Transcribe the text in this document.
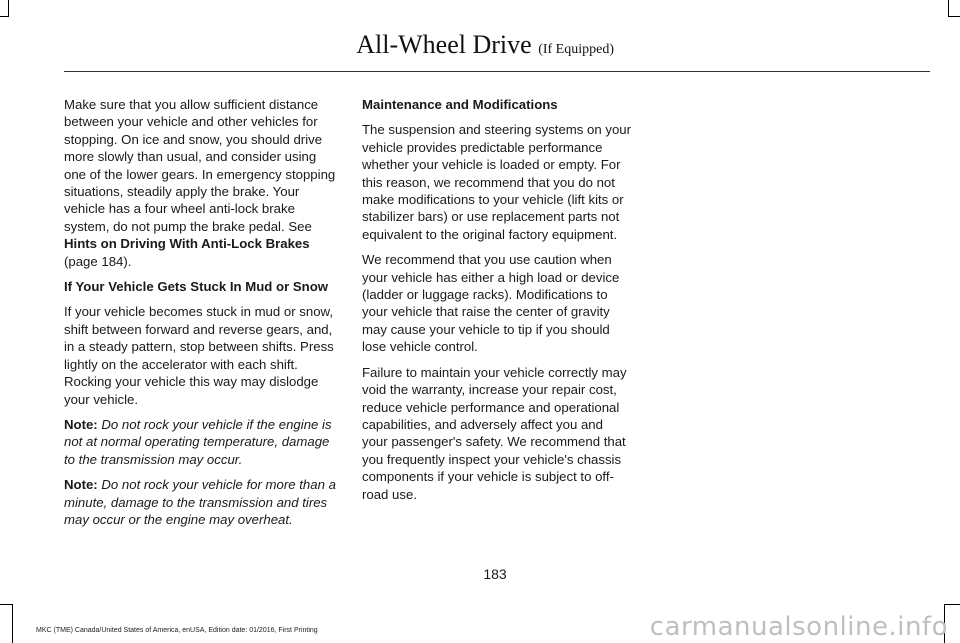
All-Wheel Drive (If Equipped)

Make sure that you allow sufficient distance between your vehicle and other vehicles for stopping. On ice and snow, you should drive more slowly than usual, and consider using one of the lower gears. In emergency stopping situations, steadily apply the brake. Your vehicle has a four wheel anti-lock brake system, do not pump the brake pedal. See Hints on Driving With Anti-Lock Brakes (page 184).

If Your Vehicle Gets Stuck In Mud or Snow

If your vehicle becomes stuck in mud or snow, shift between forward and reverse gears, and, in a steady pattern, stop between shifts. Press lightly on the accelerator with each shift. Rocking your vehicle this way may dislodge your vehicle.

Note: Do not rock your vehicle if the engine is not at normal operating temperature, damage to the transmission may occur.

Note: Do not rock your vehicle for more than a minute, damage to the transmission and tires may occur or the engine may overheat.

Maintenance and Modifications

The suspension and steering systems on your vehicle provides predictable performance whether your vehicle is loaded or empty. For this reason, we recommend that you do not make modifications to your vehicle (lift kits or stabilizer bars) or use replacement parts not equivalent to the original factory equipment.

We recommend that you use caution when your vehicle has either a high load or device (ladder or luggage racks). Modifications to your vehicle that raise the center of gravity may cause your vehicle to tip if you should lose vehicle control.

Failure to maintain your vehicle correctly may void the warranty, increase your repair cost, reduce vehicle performance and operational capabilities, and adversely affect you and your passenger's safety. We recommend that you frequently inspect your vehicle's chassis components if your vehicle is subject to off-road use.

183
MKC (TME) Canada/United States of America, enUSA, Edition date: 01/2016, First Printing	carmanualsonline.info
